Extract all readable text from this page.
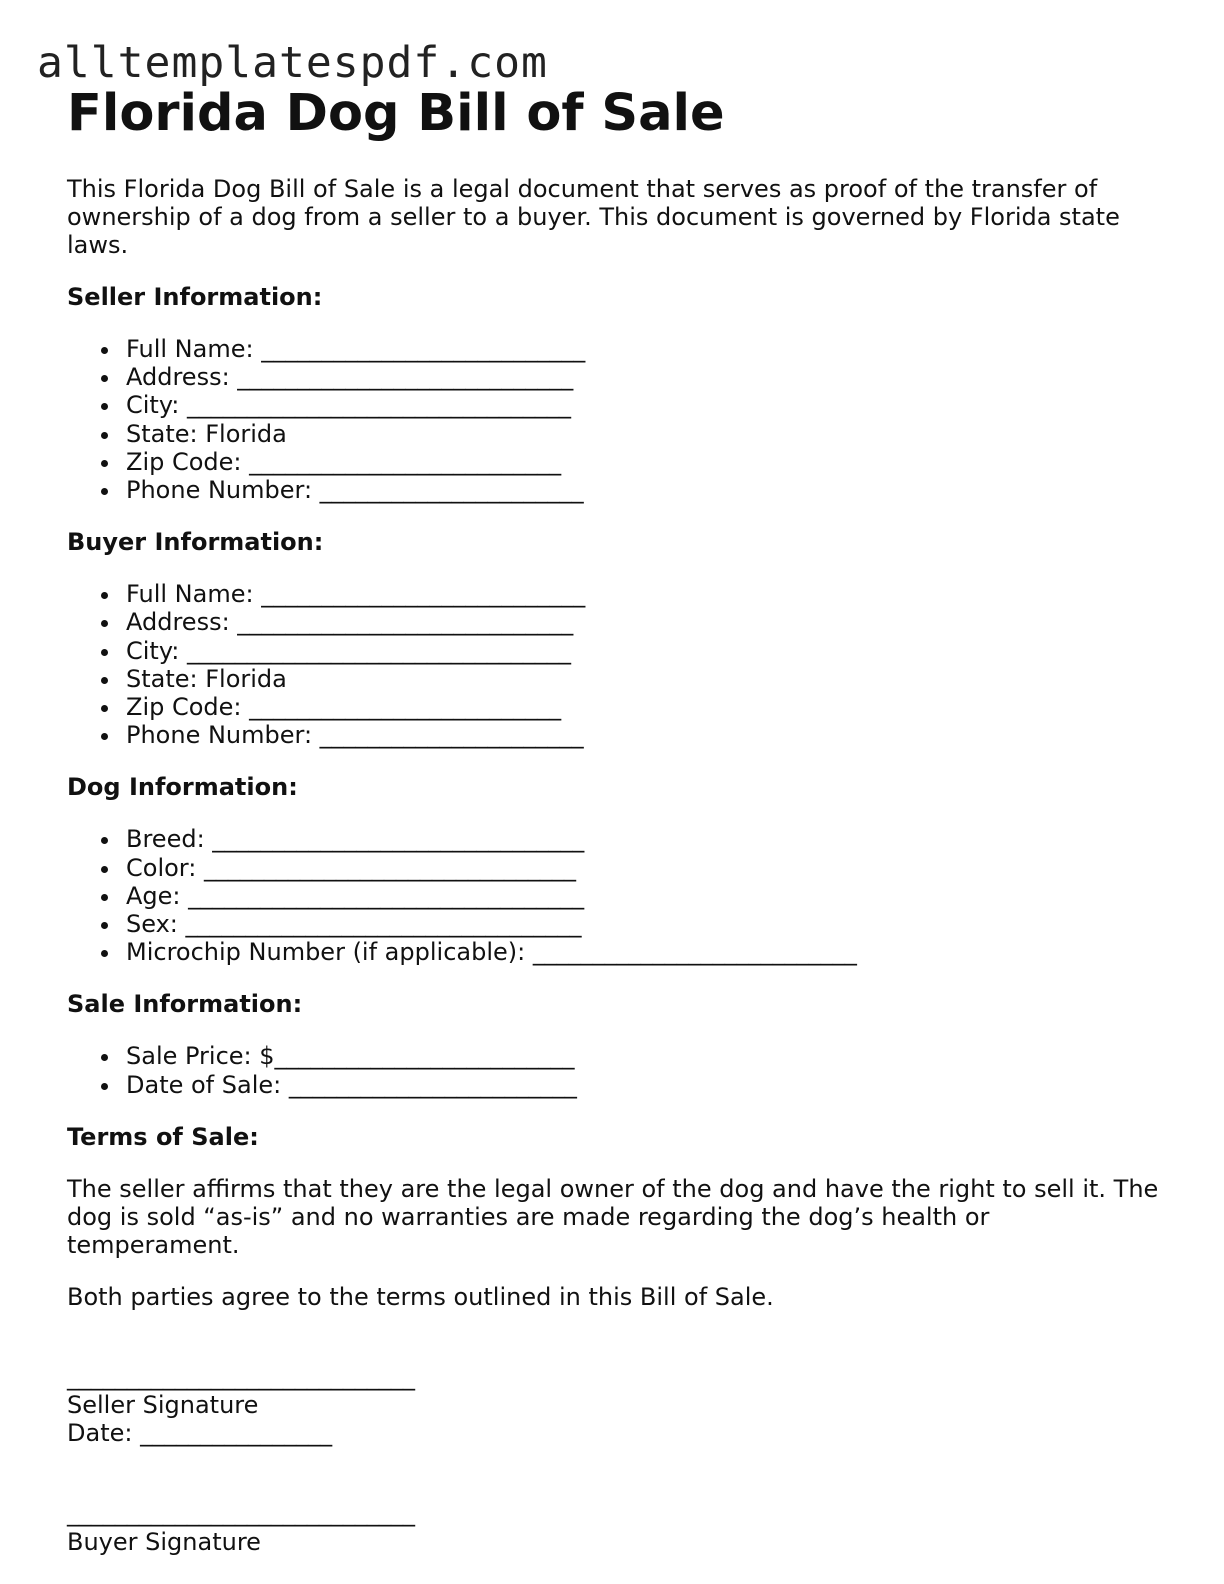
alltemplatespdf.com
Florida Dog Bill of Sale

This Florida Dog Bill of Sale is a legal document that serves as proof of the transfer of ownership of a dog from a seller to a buyer. This document is governed by Florida state laws.

Seller Information:
Full Name: ___________________________
Address: ____________________________
City: ________________________________
State: Florida
Zip Code: __________________________
Phone Number: ______________________
Buyer Information:
Full Name: ___________________________
Address: ____________________________
City: ________________________________
State: Florida
Zip Code: __________________________
Phone Number: ______________________
Dog Information:
Breed: _______________________________
Color: _______________________________
Age: _________________________________
Sex: _________________________________
Microchip Number (if applicable): ___________________________
Sale Information:
Sale Price: $_________________________
Date of Sale: ________________________
Terms of Sale:

The seller affirms that they are the legal owner of the dog and have the right to sell it. The dog is sold “as-is” and no warranties are made regarding the dog’s health or temperament.

Both parties agree to the terms outlined in this Bill of Sale.

_____________________________
Seller Signature
Date: ________________
_____________________________
Buyer Signature
